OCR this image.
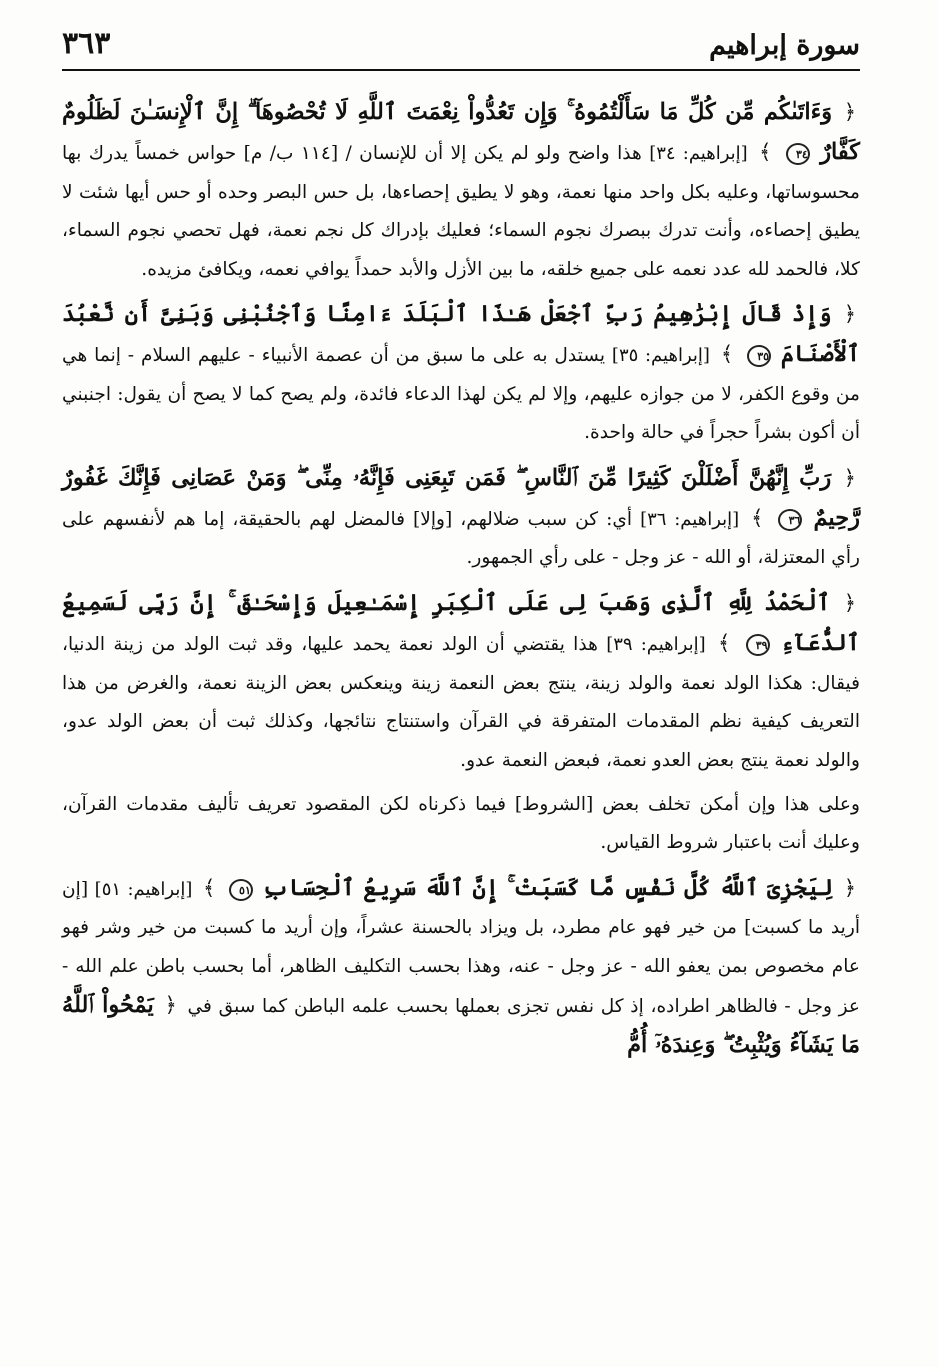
سورة إبراهيم
٣٦٣

﴿ وَءَاتَىٰكُم مِّن كُلِّ مَا سَأَلْتُمُوهُ ۚ وَإِن تَعُدُّواْ نِعْمَتَ ٱللَّهِ لَا تُحْصُوهَآ ۗ إِنَّ ٱلْإِنسَـٰنَ لَظَلُومٌ كَفَّارٌ ٣٤ ﴾ [إبراهيم: ٣٤] هذا واضح ولو لم يكن إلا أن للإنسان / [١١٤ ب/ م] حواس خمساً يدرك بها محسوساتها، وعليه بكل واحد منها نعمة، وهو لا يطيق إحصاءها، بل حس البصر وحده أو حس أيها شئت لا يطيق إحصاءه، وأنت تدرك ببصرك نجوم السماء؛ فعليك بإدراك كل نجم نعمة، فهل تحصي نجوم السماء، كلا، فالحمد لله عدد نعمه على جميع خلقه، ما بين الأزل والأبد حمداً يوافي نعمه، ويكافئ مزيده.

﴿ وَإِذْ قَالَ إِبْرَٰهِيمُ رَبِّ ٱجْعَلْ هَـٰذَا ٱلْبَلَدَ ءَامِنًا وَٱجْنُبْنِى وَبَنِىَّ أَن نَّعْبُدَ ٱلْأَصْنَامَ ٣٥ ﴾ [إبراهيم: ٣٥] يستدل به على ما سبق من أن عصمة الأنبياء - عليهم السلام - إنما هي من وقوع الكفر، لا من جوازه عليهم، وإلا لم يكن لهذا الدعاء فائدة، ولم يصح كما لا يصح أن يقول: اجنبني أن أكون بشراً حجراً في حالة واحدة.

﴿ رَبِّ إِنَّهُنَّ أَضْلَلْنَ كَثِيرًا مِّنَ ٱلنَّاسِ ۖ فَمَن تَبِعَنِى فَإِنَّهُۥ مِنِّى ۖ وَمَنْ عَصَانِى فَإِنَّكَ غَفُورٌ رَّحِيمٌ ٣٦ ﴾ [إبراهيم: ٣٦] أي: كن سبب ضلالهم، [وإلا] فالمضل لهم بالحقيقة، إما هم لأنفسهم على رأي المعتزلة، أو الله - عز وجل - على رأي الجمهور.

﴿ ٱلْحَمْدُ لِلَّهِ ٱلَّذِى وَهَبَ لِى عَلَى ٱلْكِبَرِ إِسْمَـٰعِيلَ وَإِسْحَـٰقَ ۚ إِنَّ رَبِّى لَسَمِيعُ ٱلدُّعَآءِ ٣٩ ﴾ [إبراهيم: ٣٩] هذا يقتضي أن الولد نعمة يحمد عليها، وقد ثبت الولد من زينة الدنيا، فيقال: هكذا الولد نعمة والولد زينة، ينتج بعض النعمة زينة وينعكس بعض الزينة نعمة، والغرض من هذا التعريف كيفية نظم المقدمات المتفرقة في القرآن واستنتاج نتائجها، وكذلك ثبت أن بعض الولد عدو، والولد نعمة ينتج بعض العدو نعمة، فبعض النعمة عدو.

وعلى هذا وإن أمكن تخلف بعض [الشروط] فيما ذكرناه لكن المقصود تعريف تأليف مقدمات القرآن، وعليك أنت باعتبار شروط القياس.

﴿ لِيَجْزِىَ ٱللَّهُ كُلَّ نَفْسٍ مَّا كَسَبَتْ ۚ إِنَّ ٱللَّهَ سَرِيعُ ٱلْحِسَابِ ٥١ ﴾ [إبراهيم: ٥١] [إن أريد ما كسبت] من خير فهو عام مطرد، بل ويزاد بالحسنة عشراً، وإن أريد ما كسبت من خير وشر فهو عام مخصوص بمن يعفو الله - عز وجل - عنه، وهذا بحسب التكليف الظاهر، أما بحسب باطن علم الله - عز وجل - فالظاهر اطراده، إذ كل نفس تجزى بعملها بحسب علمه الباطن كما سبق في ﴿ يَمْحُواْ ٱللَّهُ مَا يَشَآءُ وَيُثْبِتُ ۖ وَعِندَهُۥٓ أُمُّ
